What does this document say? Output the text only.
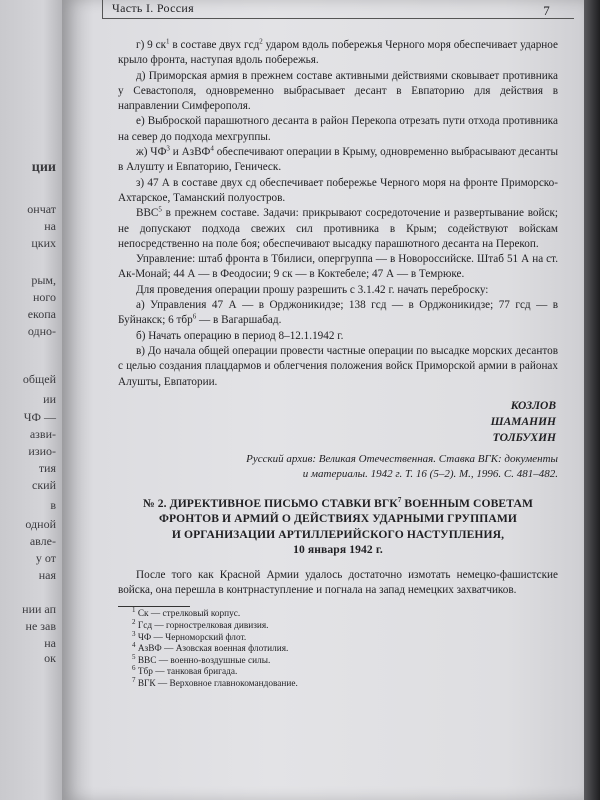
ции
ончат
на
цких
рым,
ного
екопа
одно-
общей
ии
ЧФ —
азви-
изио-
тия
ский
в
одной
авле-
у от
ная
нии ап
не зав
на
ок
Часть I. Россия	7

г) 9 $ск^1$ в составе двух гсд$^2$ ударом вдоль побережья Черного моря обеспечивает ударное крыло фронта, наступая вдоль побережья.

д) Приморская армия в прежнем составе активными действиями сковывает противника у Севастополя, одновременно выбрасывает десант в Евпаторию для действия в направлении Симферополя.

е) Выброской парашютного десанта в район Перекопа отрезать пути отхода противника на север до подхода мехгруппы.

ж) $ЧФ^3$ и АзВФ$^4$ обеспечивают операции в Крыму, одновременно выбрасывают десанты в Алушту и Евпаторию, Геническ.

з) 47 А в составе двух сд обеспечивает побережье Черного моря на фронте Приморско-Ахтарское, Таманский полуостров.

ВВС$^5$ в прежнем составе. Задачи: прикрывают сосредоточение и развертывание войск; не допускают подхода свежих сил противника в Крым; содействуют войскам непосредственно на поле боя; обеспечивают высадку парашютного десанта на Перекоп.

Управление: штаб фронта в Тбилиси, опергруппа — в Новороссийске. Штаб 51 А на ст. Ак-Монай; 44 А — в Феодосии; 9 ск — в Коктебеле; 47 А — в Темрюке.

Для проведения операции прошу разрешить с 3.1.42 г. начать переброску:

а) Управления 47 А — в Орджоникидзе; 138 гсд — в Орджоникидзе; 77 гсд — в Буйнакск; 6 тбр$^6$ — в Вагаршабад.

б) Начать операцию в период 8–12.1.1942 г.

в) До начала общей операции провести частные операции по высадке морских десантов с целью создания плацдармов и облегчения положения войск Приморской армии в районах Алушты, Евпатории.

КОЗЛОВ
ШАМАНИН
ТОЛБУХИН
Русский архив: Великая Отечественная. Ставка ВГК: документы
и материалы. 1942 г. Т. 16 (5–2). М., 1996. С. 481–482.
№ 2. ДИРЕКТИВНОЕ ПИСЬМО СТАВКИ ВГК$^7$ ВОЕННЫМ СОВЕТАМ
ФРОНТОВ И АРМИЙ О ДЕЙСТВИЯХ УДАРНЫМИ ГРУППАМИ
И ОРГАНИЗАЦИИ АРТИЛЛЕРИЙСКОГО НАСТУПЛЕНИЯ,
10 января 1942 г.

После того как Красной Армии удалось достаточно измотать немецко-фашистские войска, она перешла в контрнаступление и погнала на запад немецких захватчиков.

$^1$ Ск — стрелковый корпус.
$^2$ Гсд — горнострелковая дивизия.
$^3$ ЧФ — Черноморский флот.
$^4$ АзВФ — Азовская военная флотилия.
$^5$ ВВС — военно-воздушные силы.
$^6$ Тбр — танковая бригада.
$^7$ ВГК — Верховное главнокомандование.
